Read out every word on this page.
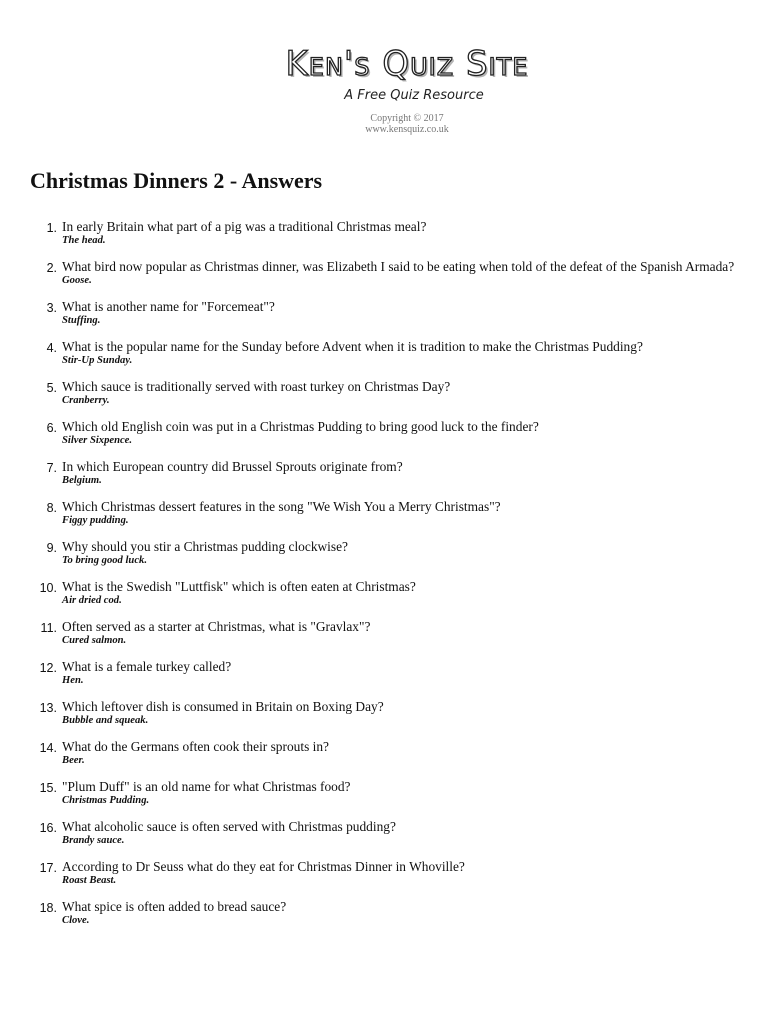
Ken's Quiz Site
A Free Quiz Resource
Copyright © 2017
www.kensquiz.co.uk
Christmas Dinners 2 - Answers
1. In early Britain what part of a pig was a traditional Christmas meal?
The head.
2. What bird now popular as Christmas dinner, was Elizabeth I said to be eating when told of the defeat of the Spanish Armada?
Goose.
3. What is another name for "Forcemeat"?
Stuffing.
4. What is the popular name for the Sunday before Advent when it is tradition to make the Christmas Pudding?
Stir-Up Sunday.
5. Which sauce is traditionally served with roast turkey on Christmas Day?
Cranberry.
6. Which old English coin was put in a Christmas Pudding to bring good luck to the finder?
Silver Sixpence.
7. In which European country did Brussel Sprouts originate from?
Belgium.
8. Which Christmas dessert features in the song "We Wish You a Merry Christmas"?
Figgy pudding.
9. Why should you stir a Christmas pudding clockwise?
To bring good luck.
10. What is the Swedish "Luttfisk" which is often eaten at Christmas?
Air dried cod.
11. Often served as a starter at Christmas, what is "Gravlax"?
Cured salmon.
12. What is a female turkey called?
Hen.
13. Which leftover dish is consumed in Britain on Boxing Day?
Bubble and squeak.
14. What do the Germans often cook their sprouts in?
Beer.
15. "Plum Duff" is an old name for what Christmas food?
Christmas Pudding.
16. What alcoholic sauce is often served with Christmas pudding?
Brandy sauce.
17. According to Dr Seuss what do they eat for Christmas Dinner in Whoville?
Roast Beast.
18. What spice is often added to bread sauce?
Clove.
